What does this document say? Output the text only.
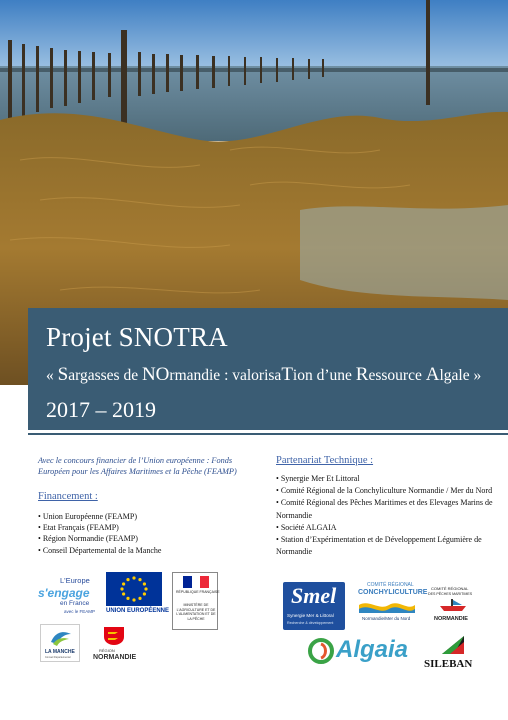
Projet SNOTRA
« Sargasses de NOrmandie : valorisaTion d’une Ressource Algale »
2017 – 2019

Avec le concours financier de l’Union européenne : Fonds Européen pour les Affaires Maritimes et la Pêche (FEAMP)

Financement :
• Union Européenne (FEAMP)
• Etat Français (FEAMP)
• Région Normandie (FEAMP)
• Conseil Départemental de la Manche
Partenariat Technique :
• Synergie Mer Et Littoral
• Comité Régional de la Conchyliculture Normandie / Mer du Nord
• Comité Régional des Pêches Maritimes et des Elevages Marins de Normandie
• Société ALGAIA
• Station d’Expérimentation et de Développement Légumière de Normandie
L'Europe
s'engage
en France
avec le FEAMP UNION EUROPÉENNE
RÉPUBLIQUE FRANÇAISE
MINISTÈRE DE L'AGRICULTURE ET DE L'ALIMENTATION ET DE LA PÊCHE
LA MANCHE
Conseil Départemental
RÉGION
NORMANDIE
Smel
Synergie Mer & Littoral
Recherche & développement
COMITÉ RÉGIONAL
CONCHYLICULTURE
Normandie/Mer du Nord
COMITÉ RÉGIONAL
DES PÊCHES MARITIMES
NORMANDIE
Algaia
SILEBAN
